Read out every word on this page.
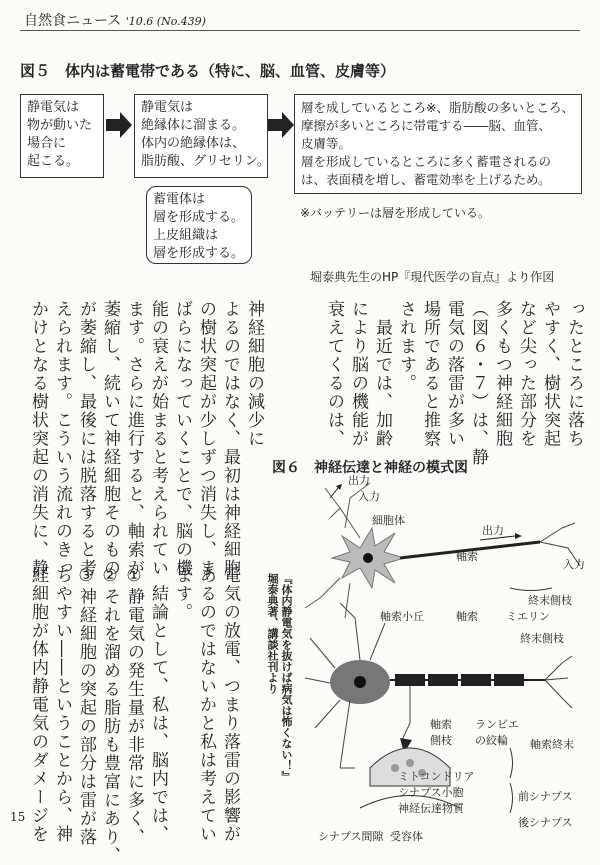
自然食ニュース '10.6 (No.439)
図５　体内は蓄電帯である（特に、脳、血管、皮膚等）
静電気は
物が動いた
場合に
起こる。
静電気は
絶縁体に溜まる。
体内の絶縁体は、
脂肪酸、グリセリン。
蓄電体は
層を形成する。
上皮組織は
層を形成する。
層を成しているところ※、脂肪酸の多いところ、
摩擦が多いところに帯電する――脳、血管、
皮膚等。
層を形成しているところに多く蓄電されるの
は、表面積を増し、蓄電効率を上げるため。
※バッテリーは層を形成している。
堀泰典先生のHP『現代医学の盲点』より作図
ったところに落ち
やすく、樹状突起
など尖った部分を
多くもつ神経細胞
（図６・７）は、静
電気の落雷が多い
場所であると推察
されます。
　最近では、加齢
により脳の機能が
衰えてくるのは、
神経細胞の減少に
よるのではなく、最初は神経細胞
の樹状突起が少しずつ消失し、ま
ばらになっていくことで、脳の機
能の衰えが始まると考えられてい
ます。さらに進行すると、軸索が
萎縮し、続いて神経細胞そのもの
が萎縮し、最後には脱落すると考
えられます。こういう流れのきっ
かけとなる樹状突起の消失に、静
経細胞が体内静電気のダメージを ちやすい――ということから、神 ③神経細胞の突起の部分は雷が落 ②それを溜める脂肪も豊富にあり、 ①静電気の発生量が非常に多く、 　結論として、私は、脳内では、 ます。 あるのではないかと私は考えてい 電気の放電、つまり落雷の影響が	『体内静電気を抜けば病気は怖くない！』
堀泰典著、講談社刊より
図６　神経伝達と神経の模式図
出力
入力
細胞体
出力
軸索
入力
終末側枝
軸索小丘	軸索	ミエリン
終末側枝
軸索
側枝
ランビエ
の絞輪	軸索終末
ミトコンドリア
シナプス小胞
神経伝達物質
前シナプス
後シナプス
シナプス間隙 受容体
15
